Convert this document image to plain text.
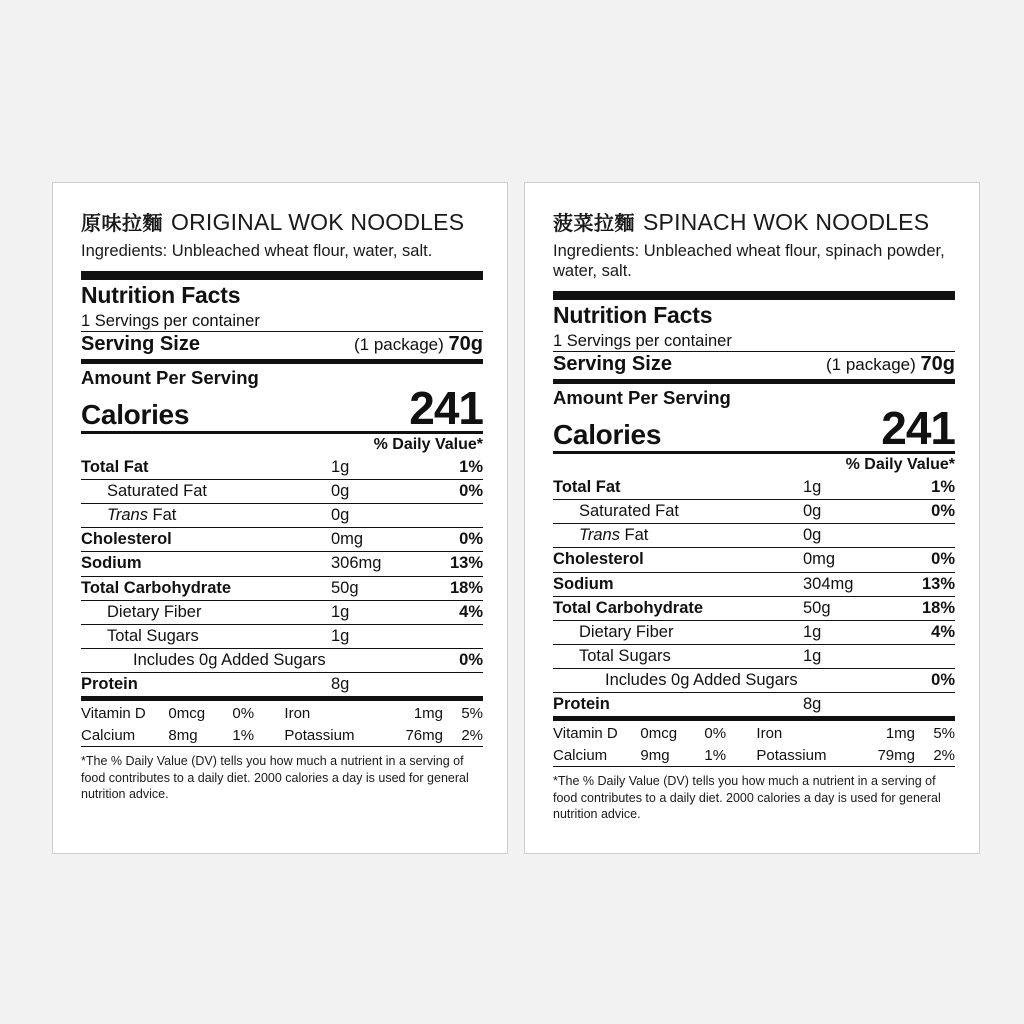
原味拉麵 ORIGINAL WOK NOODLES
Ingredients: Unbleached wheat flour, water, salt.
Nutrition Facts
1 Servings per container
Serving Size	(1 package) 70g
Amount Per Serving
Calories	241
% Daily Value*
Total Fat	1g	1%
Saturated Fat	0g	0%
Trans Fat	0g	
Cholesterol	0mg	0%
Sodium	306mg	13%
Total Carbohydrate	50g	18%
Dietary Fiber	1g	4%
Total Sugars	1g	
Includes 0g Added Sugars		0%
Protein	8g	
Vitamin D	0mcg	0%	Iron	1mg	5%
Calcium	8mg	1%	Potassium	76mg	2%
*The % Daily Value (DV) tells you how much a nutrient in a serving of food contributes to a daily diet. 2000 calories a day is used for general nutrition advice.
菠菜拉麵 SPINACH WOK NOODLES
Ingredients: Unbleached wheat flour, spinach powder, water, salt.
Nutrition Facts
1 Servings per container
Serving Size	(1 package) 70g
Amount Per Serving
Calories	241
% Daily Value*
Total Fat	1g	1%
Saturated Fat	0g	0%
Trans Fat	0g	
Cholesterol	0mg	0%
Sodium	304mg	13%
Total Carbohydrate	50g	18%
Dietary Fiber	1g	4%
Total Sugars	1g	
Includes 0g Added Sugars		0%
Protein	8g	
Vitamin D	0mcg	0%	Iron	1mg	5%
Calcium	9mg	1%	Potassium	79mg	2%
*The % Daily Value (DV) tells you how much a nutrient in a serving of food contributes to a daily diet. 2000 calories a day is used for general nutrition advice.
